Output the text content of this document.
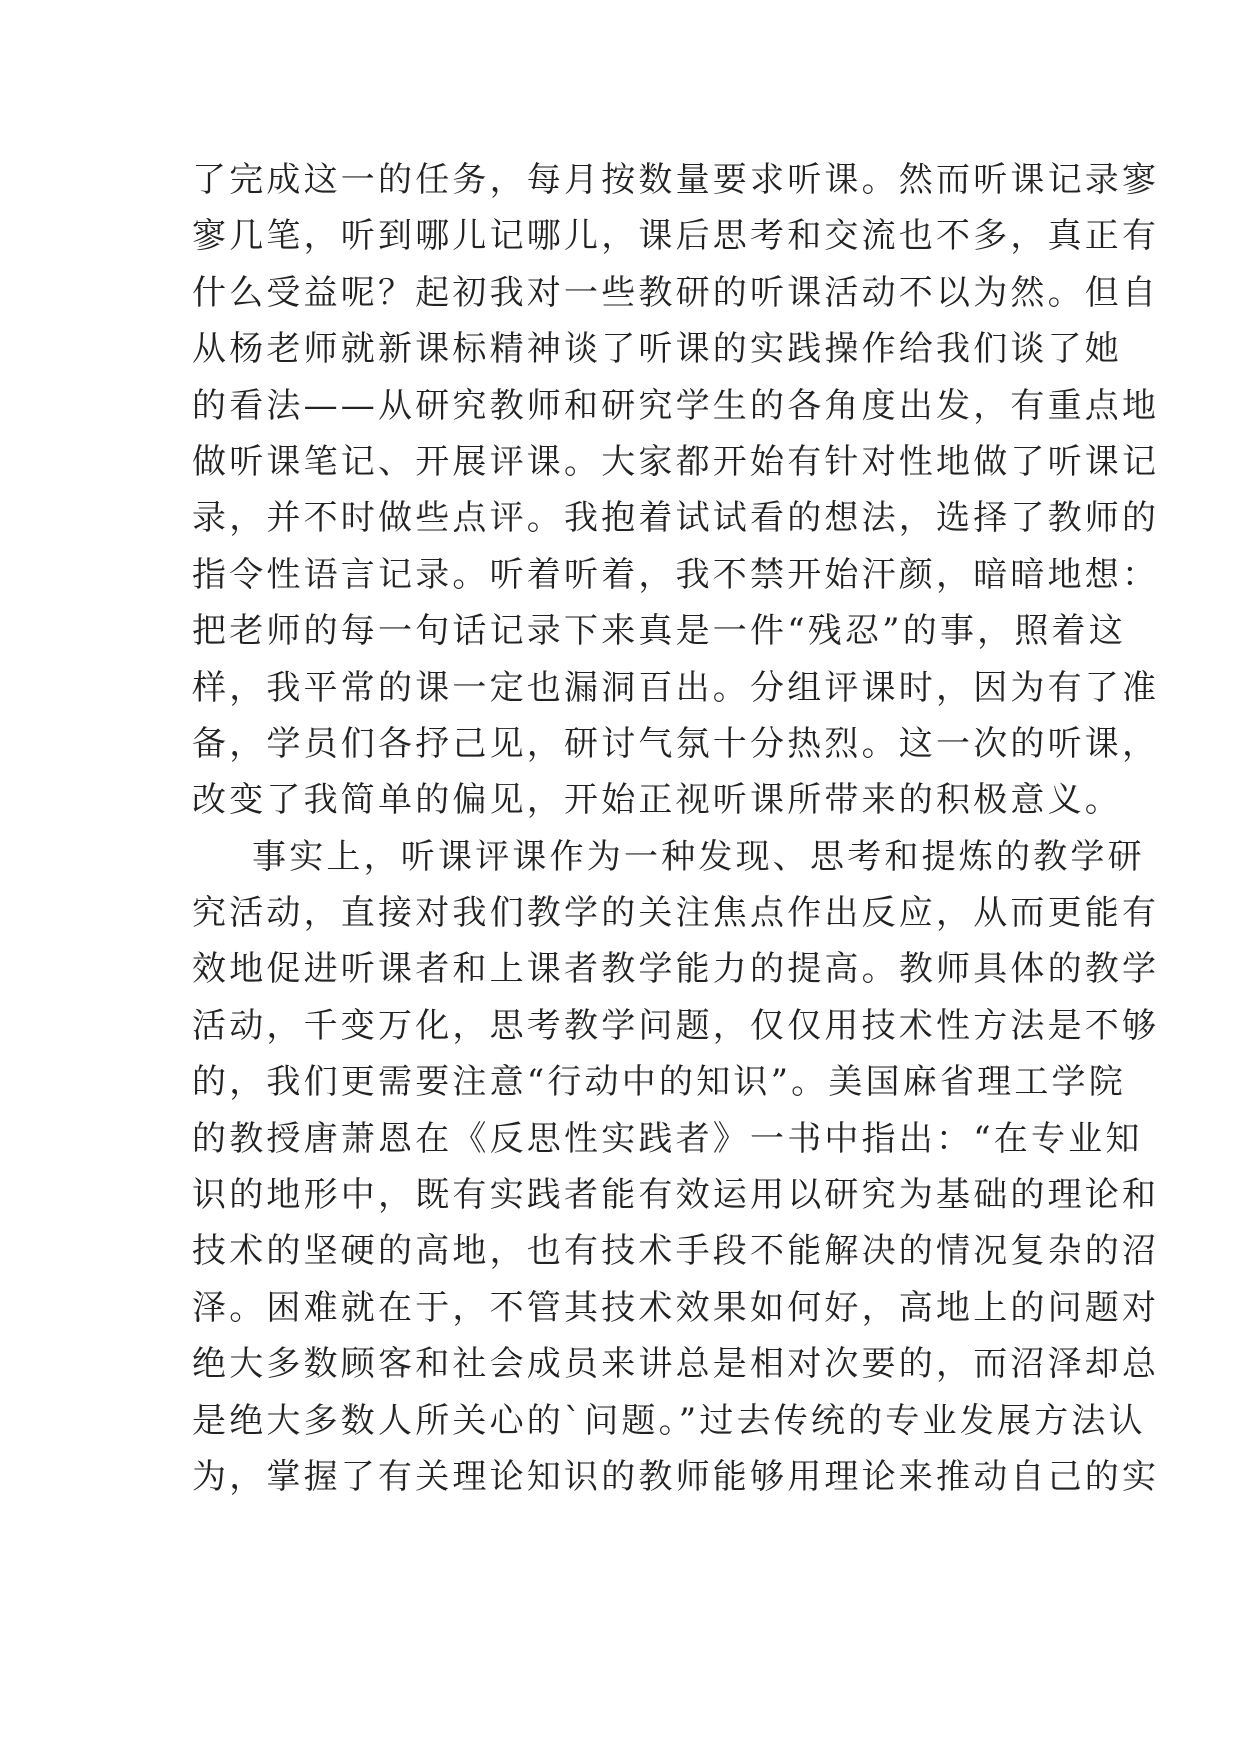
了完成这一的任务，每月按数量要求听课。然而听课记录寥
寥几笔，听到哪儿记哪儿，课后思考和交流也不多，真正有
什么受益呢？起初我对一些教研的听课活动不以为然。但自
从杨老师就新课标精神谈了听课的实践操作给我们谈了她
的看法——从研究教师和研究学生的各角度出发，有重点地
做听课笔记、开展评课。大家都开始有针对性地做了听课记
录，并不时做些点评。我抱着试试看的想法，选择了教师的
指令性语言记录。听着听着，我不禁开始汗颜，暗暗地想：
把老师的每一句话记录下来真是一件“残忍”的事，照着这
样，我平常的课一定也漏洞百出。分组评课时，因为有了准
备，学员们各抒己见，研讨气氛十分热烈。这一次的听课，
改变了我简单的偏见，开始正视听课所带来的积极意义。
事实上，听课评课作为一种发现、思考和提炼的教学研
究活动，直接对我们教学的关注焦点作出反应，从而更能有
效地促进听课者和上课者教学能力的提高。教师具体的教学
活动，千变万化，思考教学问题，仅仅用技术性方法是不够
的，我们更需要注意“行动中的知识”。美国麻省理工学院
的教授唐萧恩在《反思性实践者》一书中指出：“在专业知
识的地形中，既有实践者能有效运用以研究为基础的理论和
技术的坚硬的高地，也有技术手段不能解决的情况复杂的沼
泽。困难就在于，不管其技术效果如何好，高地上的问题对
绝大多数顾客和社会成员来讲总是相对次要的，而沼泽却总
是绝大多数人所关心的`问题。”过去传统的专业发展方法认
为，掌握了有关理论知识的教师能够用理论来推动自己的实
